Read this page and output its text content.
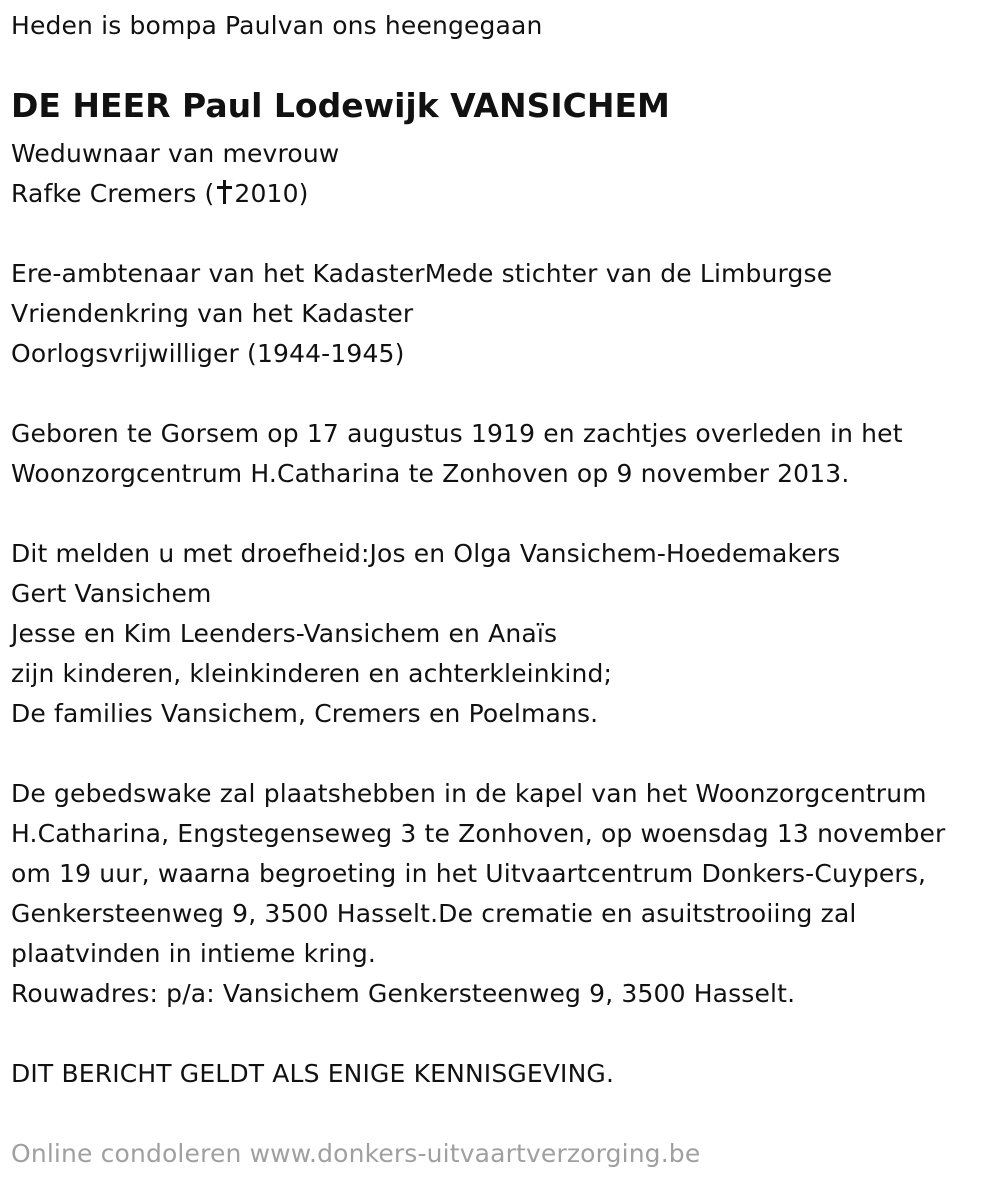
Heden is bompa Paulvan ons heengegaan
DE HEER Paul Lodewijk VANSICHEM
Weduwnaar van mevrouw
Rafke Cremers ( 2010)
Ere-ambtenaar van het KadasterMede stichter van de Limburgse
Vriendenkring van het Kadaster
Oorlogsvrijwilliger (1944-1945)
Geboren te Gorsem op 17 augustus 1919 en zachtjes overleden in het
Woonzorgcentrum H.Catharina te Zonhoven op 9 november 2013.
Dit melden u met droefheid:Jos en Olga Vansichem-Hoedemakers
Gert Vansichem
Jesse en Kim Leenders-Vansichem en Anaïs
zijn kinderen, kleinkinderen en achterkleinkind;
De families Vansichem, Cremers en Poelmans.
De gebedswake zal plaatshebben in de kapel van het Woonzorgcentrum
H.Catharina, Engstegenseweg 3 te Zonhoven, op woensdag 13 november
om 19 uur, waarna begroeting in het Uitvaartcentrum Donkers-Cuypers,
Genkersteenweg 9, 3500 Hasselt.De crematie en asuitstrooiing zal
plaatvinden in intieme kring.
Rouwadres: p/a: Vansichem Genkersteenweg 9, 3500 Hasselt.
DIT BERICHT GELDT ALS ENIGE KENNISGEVING.
Online condoleren www.donkers-uitvaartverzorging.be
